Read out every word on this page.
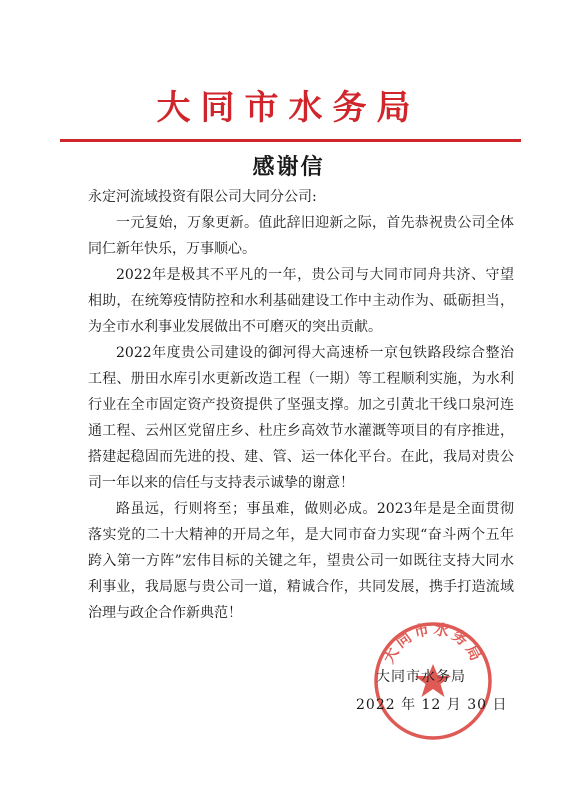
大同市水务局
感谢信

永定河流域投资有限公司大同分公司:

一元复始，万象更新。值此辞旧迎新之际，首先恭祝贵公司全体同仁新年快乐，万事顺心。

2022年是极其不平凡的一年，贵公司与大同市同舟共济、守望相助，在统筹疫情防控和水利基础建设工作中主动作为、砥砺担当，为全市水利事业发展做出不可磨灭的突出贡献。

2022年度贵公司建设的御河得大高速桥一京包铁路段综合整治工程、册田水库引水更新改造工程（一期）等工程顺利实施，为水利行业在全市固定资产投资提供了坚强支撑。加之引黄北干线口泉河连通工程、云州区党留庄乡、杜庄乡高效节水灌溉等项目的有序推进，搭建起稳固而先进的投、建、管、运一体化平台。在此，我局对贵公司一年以来的信任与支持表示诚挚的谢意！

路虽远，行则将至；事虽难，做则必成。2023年是是全面贯彻落实党的二十大精神的开局之年，是大同市奋力实现“奋斗两个五年 跨入第一方阵”宏伟目标的关键之年，望贵公司一如既往支持大同水利事业，我局愿与贵公司一道，精诚合作，共同发展，携手打造流域治理与政企合作新典范！

大同市水务局
大同市水务局
2022 年 12 月 30 日
